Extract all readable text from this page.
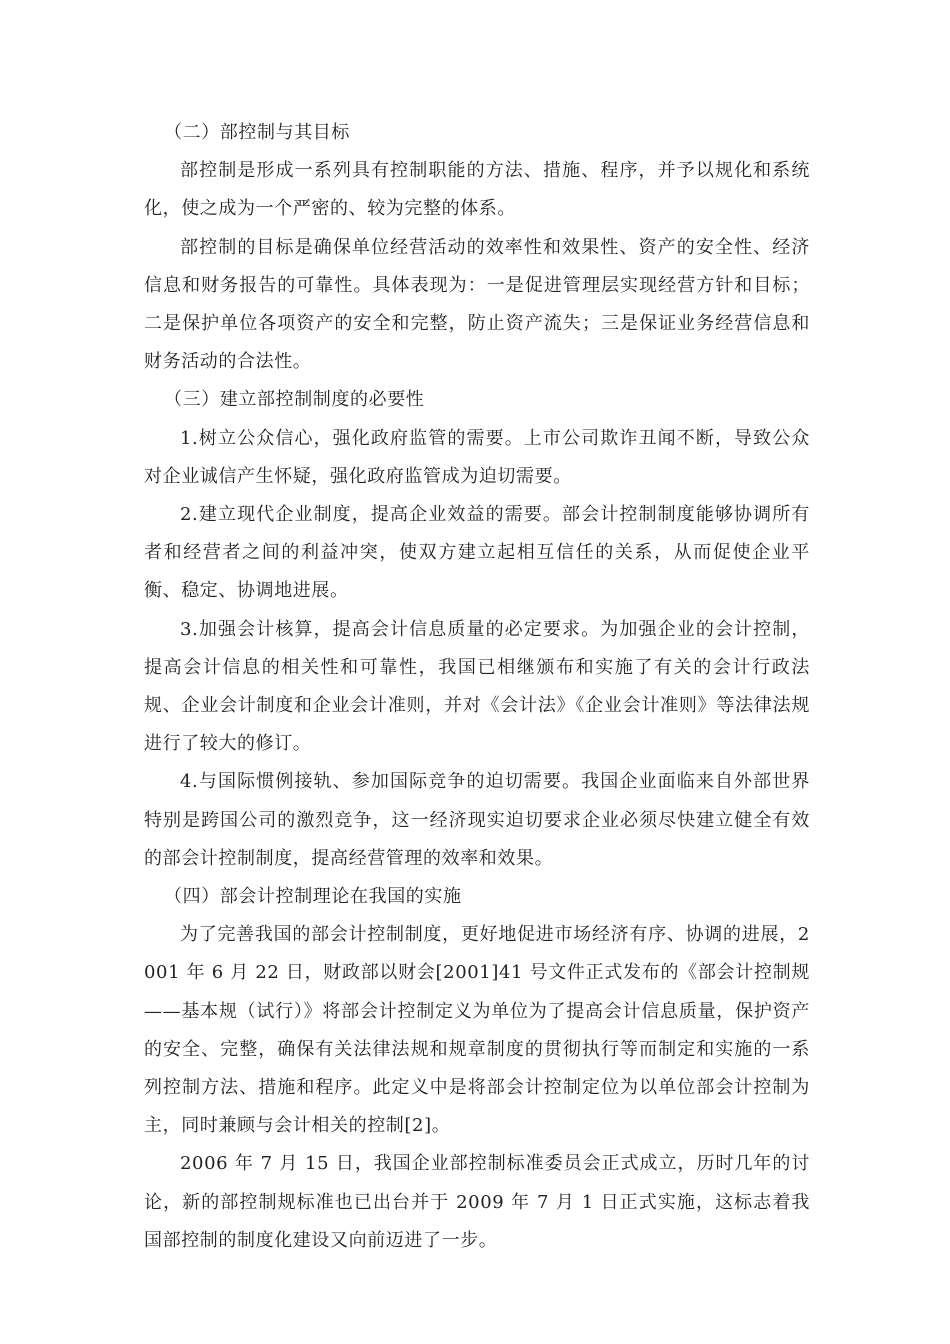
（二）部控制与其目标

部控制是形成一系列具有控制职能的方法、措施、程序，并予以规化和系统化，使之成为一个严密的、较为完整的体系。

部控制的目标是确保单位经营活动的效率性和效果性、资产的安全性、经济信息和财务报告的可靠性。具体表现为：一是促进管理层实现经营方针和目标；二是保护单位各项资产的安全和完整，防止资产流失；三是保证业务经营信息和财务活动的合法性。

（三）建立部控制制度的必要性

1.树立公众信心，强化政府监管的需要。上市公司欺诈丑闻不断，导致公众对企业诚信产生怀疑，强化政府监管成为迫切需要。

2.建立现代企业制度，提高企业效益的需要。部会计控制制度能够协调所有者和经营者之间的利益冲突，使双方建立起相互信任的关系，从而促使企业平衡、稳定、协调地进展。

3.加强会计核算，提高会计信息质量的必定要求。为加强企业的会计控制，提高会计信息的相关性和可靠性，我国已相继颁布和实施了有关的会计行政法规、企业会计制度和企业会计准则，并对《会计法》《企业会计准则》等法律法规进行了较大的修订。

4.与国际惯例接轨、参加国际竞争的迫切需要。我国企业面临来自外部世界特别是跨国公司的激烈竞争，这一经济现实迫切要求企业必须尽快建立健全有效的部会计控制制度，提高经营管理的效率和效果。

（四）部会计控制理论在我国的实施

为了完善我国的部会计控制制度，更好地促进市场经济有序、协调的进展，2001 年 6 月 22 日，财政部以财会[2001]41 号文件正式发布的《部会计控制规——基本规（试行）》将部会计控制定义为单位为了提高会计信息质量，保护资产的安全、完整，确保有关法律法规和规章制度的贯彻执行等而制定和实施的一系列控制方法、措施和程序。此定义中是将部会计控制定位为以单位部会计控制为主，同时兼顾与会计相关的控制[2]。

2006 年 7 月 15 日，我国企业部控制标准委员会正式成立，历时几年的讨论，新的部控制规标准也已出台并于 2009 年 7 月 1 日正式实施，这标志着我国部控制的制度化建设又向前迈进了一步。
